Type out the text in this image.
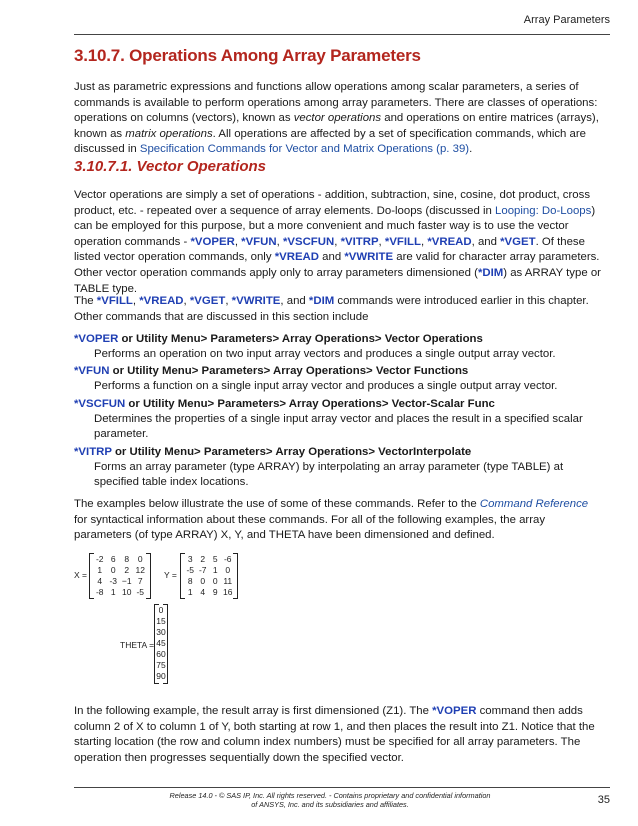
Array Parameters
3.10.7. Operations Among Array Parameters

Just as parametric expressions and functions allow operations among scalar parameters, a series of commands is available to perform operations among array parameters. There are classes of operations: operations on columns (vectors), known as vector operations and operations on entire matrices (arrays), known as matrix operations. All operations are affected by a set of specification commands, which are discussed in Specification Commands for Vector and Matrix Operations (p. 39).

3.10.7.1. Vector Operations

Vector operations are simply a set of operations - addition, subtraction, sine, cosine, dot product, cross product, etc. - repeated over a sequence of array elements. Do-loops (discussed in Looping: Do-Loops) can be employed for this purpose, but a more convenient and much faster way is to use the vector operation commands - *VOPER, *VFUN, *VSCFUN, *VITRP, *VFILL, *VREAD, and *VGET. Of these listed vector operation commands, only *VREAD and *VWRITE are valid for character array parameters. Other vector operation commands apply only to array parameters dimensioned (*DIM) as ARRAY type or TABLE type.

The *VFILL, *VREAD, *VGET, *VWRITE, and *DIM commands were introduced earlier in this chapter. Other commands that are discussed in this section include

*VOPER or Utility Menu> Parameters> Array Operations> Vector Operations
Performs an operation on two input array vectors and produces a single output array vector.
*VFUN or Utility Menu> Parameters> Array Operations> Vector Functions
Performs a function on a single input array vector and produces a single output array vector.
*VSCFUN or Utility Menu> Parameters> Array Operations> Vector-Scalar Func
Determines the properties of a single input array vector and places the result in a specified scalar parameter.
*VITRP or Utility Menu> Parameters> Array Operations> VectorInterpolate
Forms an array parameter (type ARRAY) by interpolating an array parameter (type TABLE) at specified table index locations.

The examples below illustrate the use of some of these commands. Refer to the Command Reference for syntactical information about these commands. For all of the following examples, the array parameters (of type ARRAY) X, Y, and THETA have been dimensioned and defined.

X =
-2 6	8	0
1	0	2 12
4 -3 −1 7
-8 1 10 -5
Y =
3 2 5 -6
-5 -7 1 0
8 0 0 11
1 4 9 16
THETA =
0
15
30
45
60
75
90

In the following example, the result array is first dimensioned (Z1). The *VOPER command then adds column 2 of X to column 1 of Y, both starting at row 1, and then places the result into Z1. Notice that the starting location (the row and column index numbers) must be specified for all array parameters. The operation then progresses sequentially down the specified vector.

Release 14.0 - © SAS IP, Inc. All rights reserved. - Contains proprietary and confidential information
of ANSYS, Inc. and its subsidiaries and affiliates.	35
